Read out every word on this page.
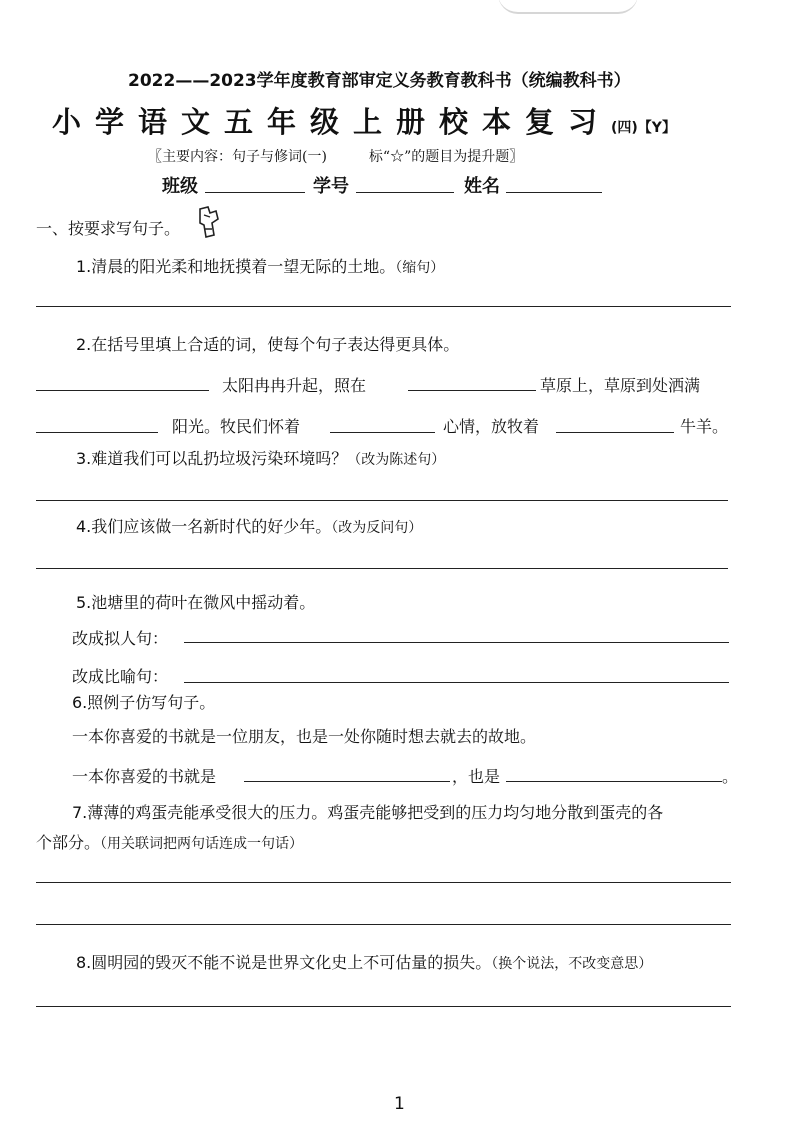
2022——2023学年度教育部审定义务教育教科书（统编教科书）
小学语文五年级上册校本复习(四)【Y】
〖主要内容：句子与修词(一)　　　标“☆”的题目为提升题〗
班级	学号	姓名
一、按要求写句子。
1.清晨的阳光柔和地抚摸着一望无际的土地。（缩句）
2.在括号里填上合适的词，使每个句子表达得更具体。
太阳冉冉升起，照在	草原上，草原到处洒满
阳光。牧民们怀着	心情，放牧着	牛羊。
3.难道我们可以乱扔垃圾污染环境吗？（改为陈述句）
4.我们应该做一名新时代的好少年。（改为反问句）
5.池塘里的荷叶在微风中摇动着。
改成拟人句：
改成比喻句：
6.照例子仿写句子。
一本你喜爱的书就是一位朋友，也是一处你随时想去就去的故地。
一本你喜爱的书就是	，也是	。
7.薄薄的鸡蛋壳能承受很大的压力。鸡蛋壳能够把受到的压力均匀地分散到蛋壳的各
个部分。（用关联词把两句话连成一句话）
8.圆明园的毁灭不能不说是世界文化史上不可估量的损失。（换个说法，不改变意思）
1
